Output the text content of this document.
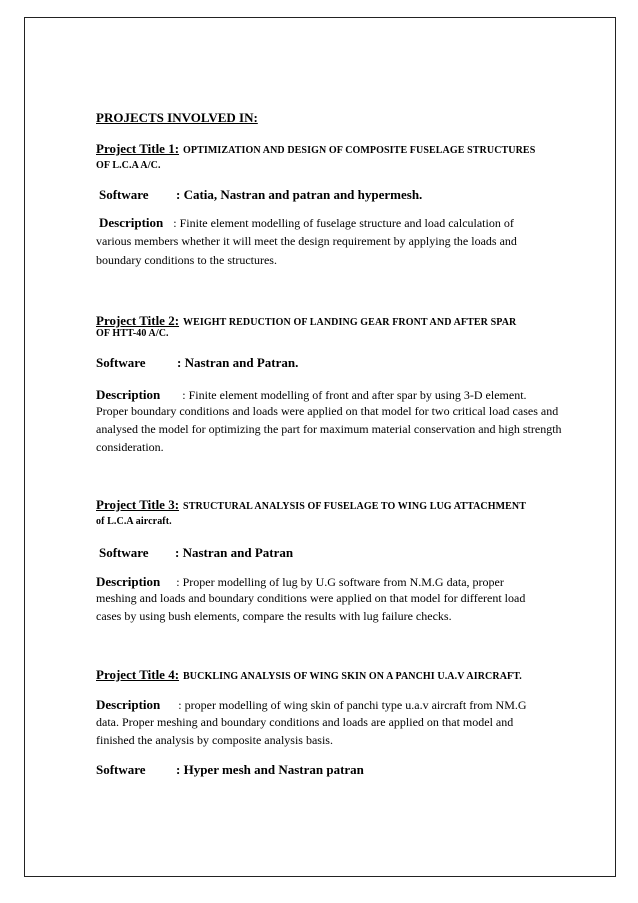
PROJECTS INVOLVED IN:
Project Title 1: OPTIMIZATION AND DESIGN OF COMPOSITE FUSELAGE STRUCTURES
OF L.C.A A/C.
Software : Catia, Nastran and patran and hypermesh.
Description : Finite element modelling of fuselage structure and load calculation of
various members whether it will meet the design requirement by applying the loads and
boundary conditions to the structures.
Project Title 2: WEIGHT REDUCTION OF LANDING GEAR FRONT AND AFTER SPAR
OF HTT-40 A/C.
Software : Nastran and Patran.
Description : Finite element modelling of front and after spar by using 3-D element.
Proper boundary conditions and loads were applied on that model for two critical load cases and
analysed the model for optimizing the part for maximum material conservation and high strength
consideration.
Project Title 3: STRUCTURAL ANALYSIS OF FUSELAGE TO WING LUG ATTACHMENT
of L.C.A aircraft.
Software : Nastran and Patran
Description : Proper modelling of lug by U.G software from N.M.G data, proper
meshing and loads and boundary conditions were applied on that model for different load
cases by using bush elements, compare the results with lug failure checks.
Project Title 4: BUCKLING ANALYSIS OF WING SKIN ON A PANCHI U.A.V AIRCRAFT.
Description : proper modelling of wing skin of panchi type u.a.v aircraft from NM.G
data. Proper meshing and boundary conditions and loads are applied on that model and
finished the analysis by composite analysis basis.
Software : Hyper mesh and Nastran patran
